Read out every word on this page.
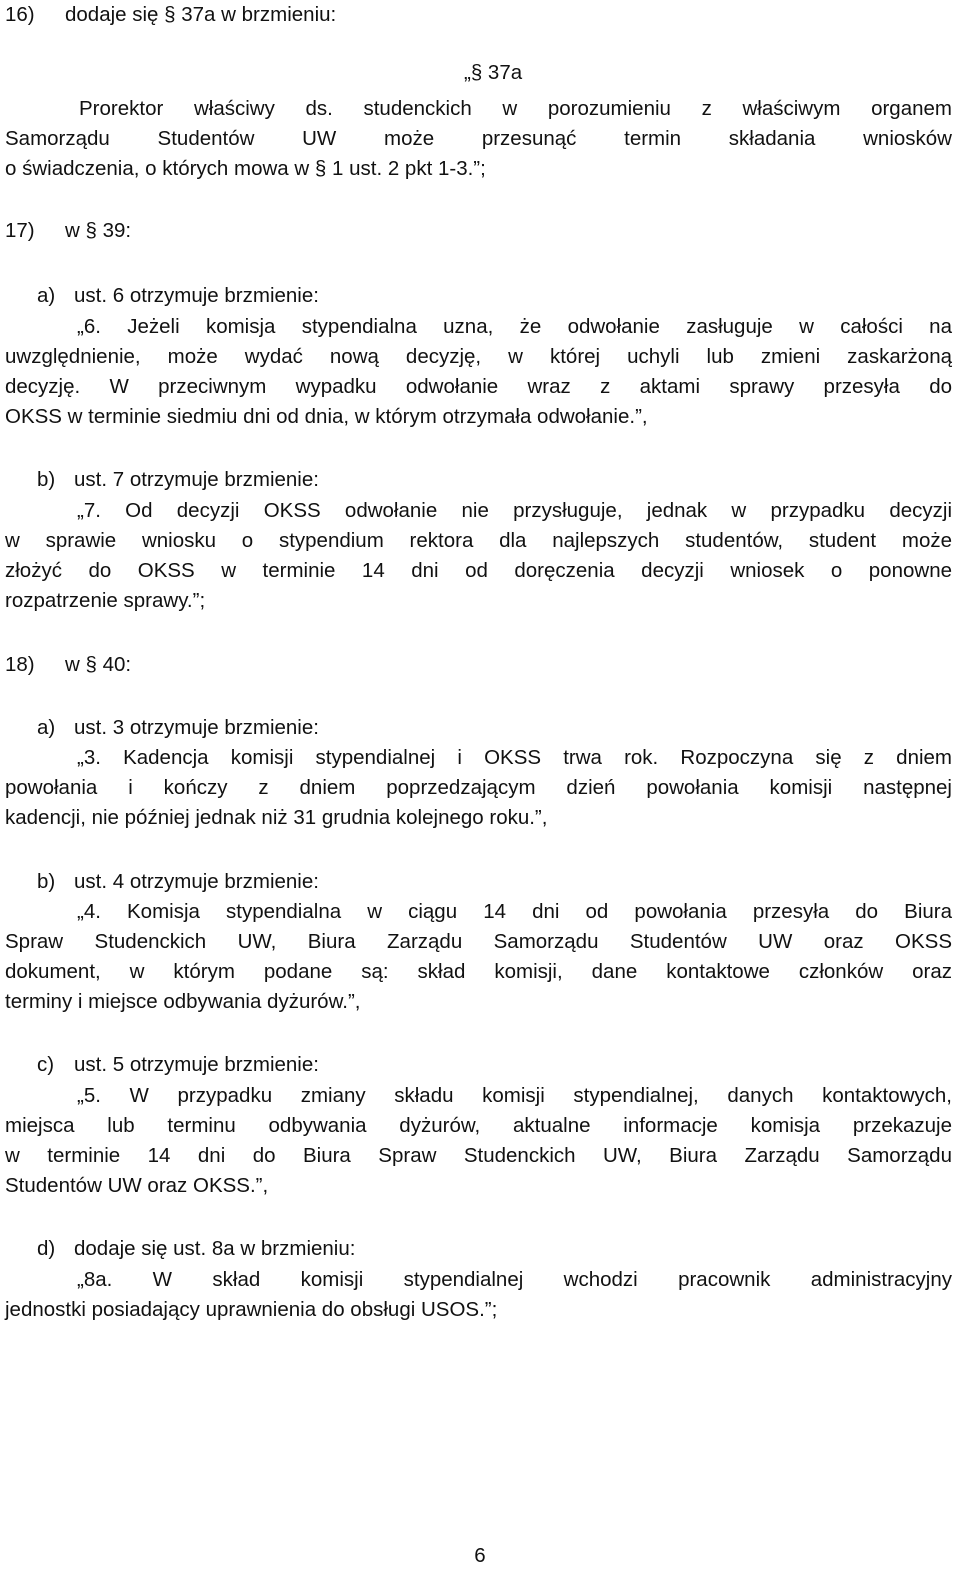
16) dodaje się § 37a w brzmieniu:
„§ 37a
Prorektor właściwy ds. studenckich w porozumieniu z właściwym organem
Samorządu Studentów UW może przesunąć termin składania wniosków
o świadczenia, o których mowa w § 1 ust. 2 pkt 1-3.”;
17) w § 39:
a) ust. 6 otrzymuje brzmienie:
„6. Jeżeli komisja stypendialna uzna, że odwołanie zasługuje w całości na
uwzględnienie, może wydać nową decyzję, w której uchyli lub zmieni zaskarżoną
decyzję. W przeciwnym wypadku odwołanie wraz z aktami sprawy przesyła do
OKSS w terminie siedmiu dni od dnia, w którym otrzymała odwołanie.”,
b) ust. 7 otrzymuje brzmienie:
„7. Od decyzji OKSS odwołanie nie przysługuje, jednak w przypadku decyzji
w sprawie wniosku o stypendium rektora dla najlepszych studentów, student może
złożyć do OKSS w terminie 14 dni od doręczenia decyzji wniosek o ponowne
rozpatrzenie sprawy.”;
18) w § 40:
a) ust. 3 otrzymuje brzmienie:
„3. Kadencja komisji stypendialnej i OKSS trwa rok. Rozpoczyna się z dniem
powołania i kończy z dniem poprzedzającym dzień powołania komisji następnej
kadencji, nie później jednak niż 31 grudnia kolejnego roku.”,
b) ust. 4 otrzymuje brzmienie:
„4. Komisja stypendialna w ciągu 14 dni od powołania przesyła do Biura
Spraw Studenckich UW, Biura Zarządu Samorządu Studentów UW oraz OKSS
dokument, w którym podane są: skład komisji, dane kontaktowe członków oraz
terminy i miejsce odbywania dyżurów.”,
c) ust. 5 otrzymuje brzmienie:
„5. W przypadku zmiany składu komisji stypendialnej, danych kontaktowych,
miejsca lub terminu odbywania dyżurów, aktualne informacje komisja przekazuje
w terminie 14 dni do Biura Spraw Studenckich UW, Biura Zarządu Samorządu
Studentów UW oraz OKSS.”,
d) dodaje się ust. 8a w brzmieniu:
„8a. W skład komisji stypendialnej wchodzi pracownik administracyjny
jednostki posiadający uprawnienia do obsługi USOS.”;
6
